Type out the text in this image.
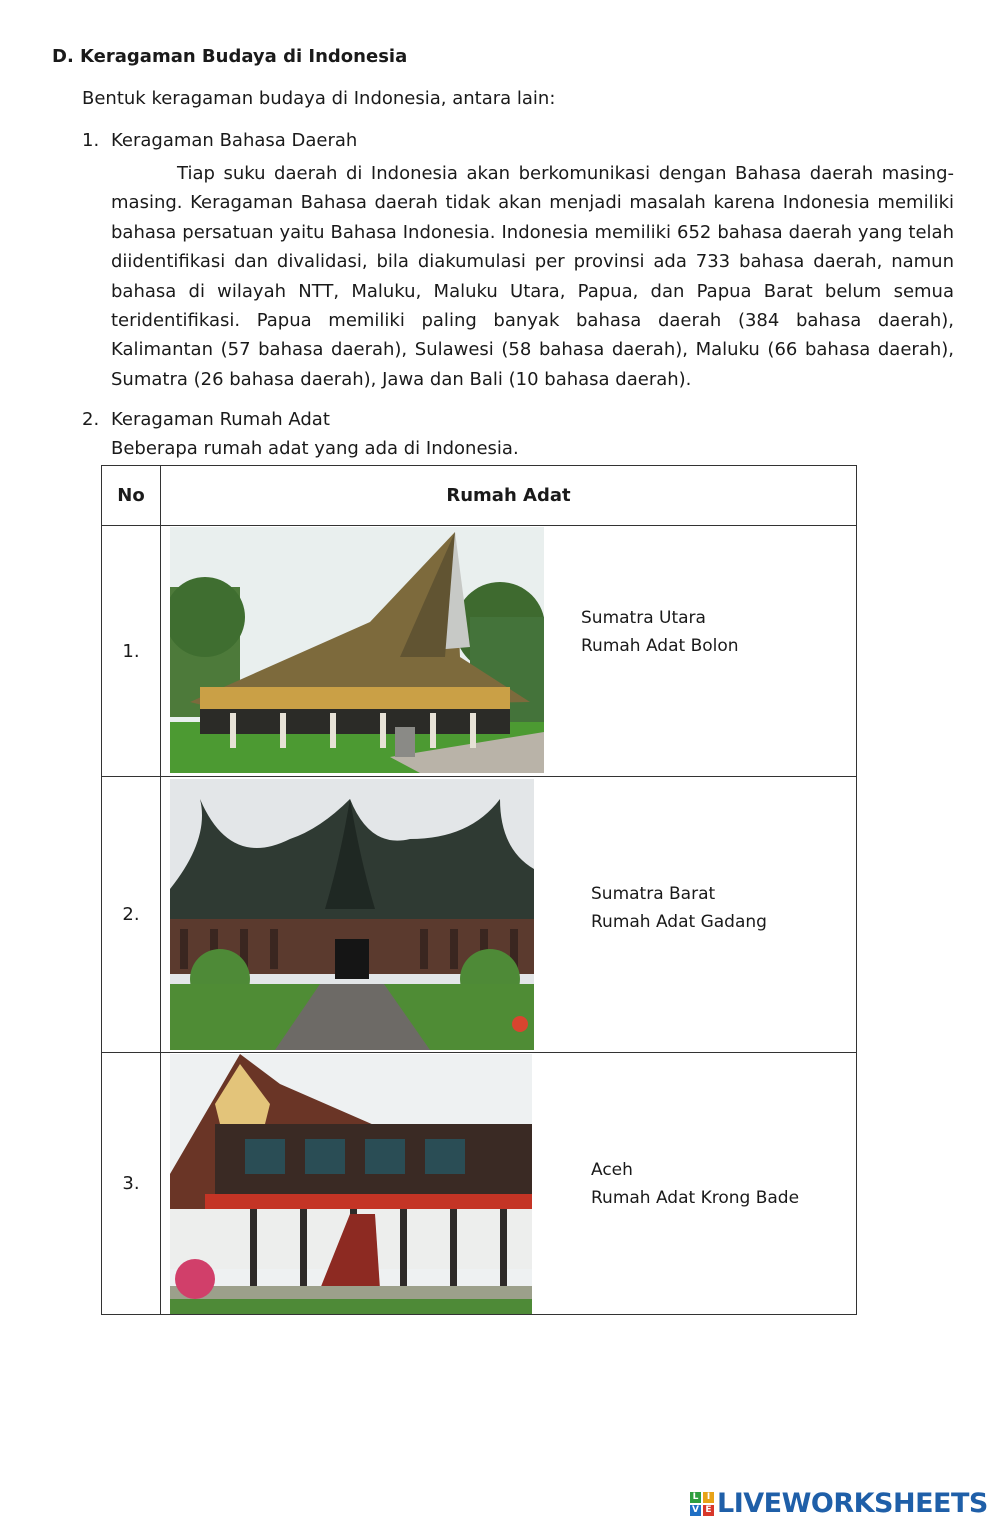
D. Keragaman Budaya di Indonesia

Bentuk keragaman budaya di Indonesia, antara lain:

1. Keragaman Bahasa Daerah

Tiap suku daerah di Indonesia akan berkomunikasi dengan Bahasa daerah masing-masing. Keragaman Bahasa daerah tidak akan menjadi masalah karena Indonesia memiliki bahasa persatuan yaitu Bahasa Indonesia. Indonesia memiliki 652 bahasa daerah yang telah diidentifikasi dan divalidasi, bila diakumulasi per provinsi ada 733 bahasa daerah, namun bahasa di wilayah NTT, Maluku, Maluku Utara, Papua, dan Papua Barat belum semua teridentifikasi. Papua memiliki paling banyak bahasa daerah (384 bahasa daerah), Kalimantan (57 bahasa daerah), Sulawesi (58 bahasa daerah), Maluku (66 bahasa daerah), Sumatra (26 bahasa daerah), Jawa dan Bali (10 bahasa daerah).

2. Keragaman Rumah Adat

Beberapa rumah adat yang ada di Indonesia.

No	Rumah Adat
1.	Sumatra Utara
Rumah Adat Bolon

2.	Sumatra Barat
Rumah Adat Gadang

3.	Aceh
Rumah Adat Krong Bade
L I
V E LIVEWORKSHEETS
